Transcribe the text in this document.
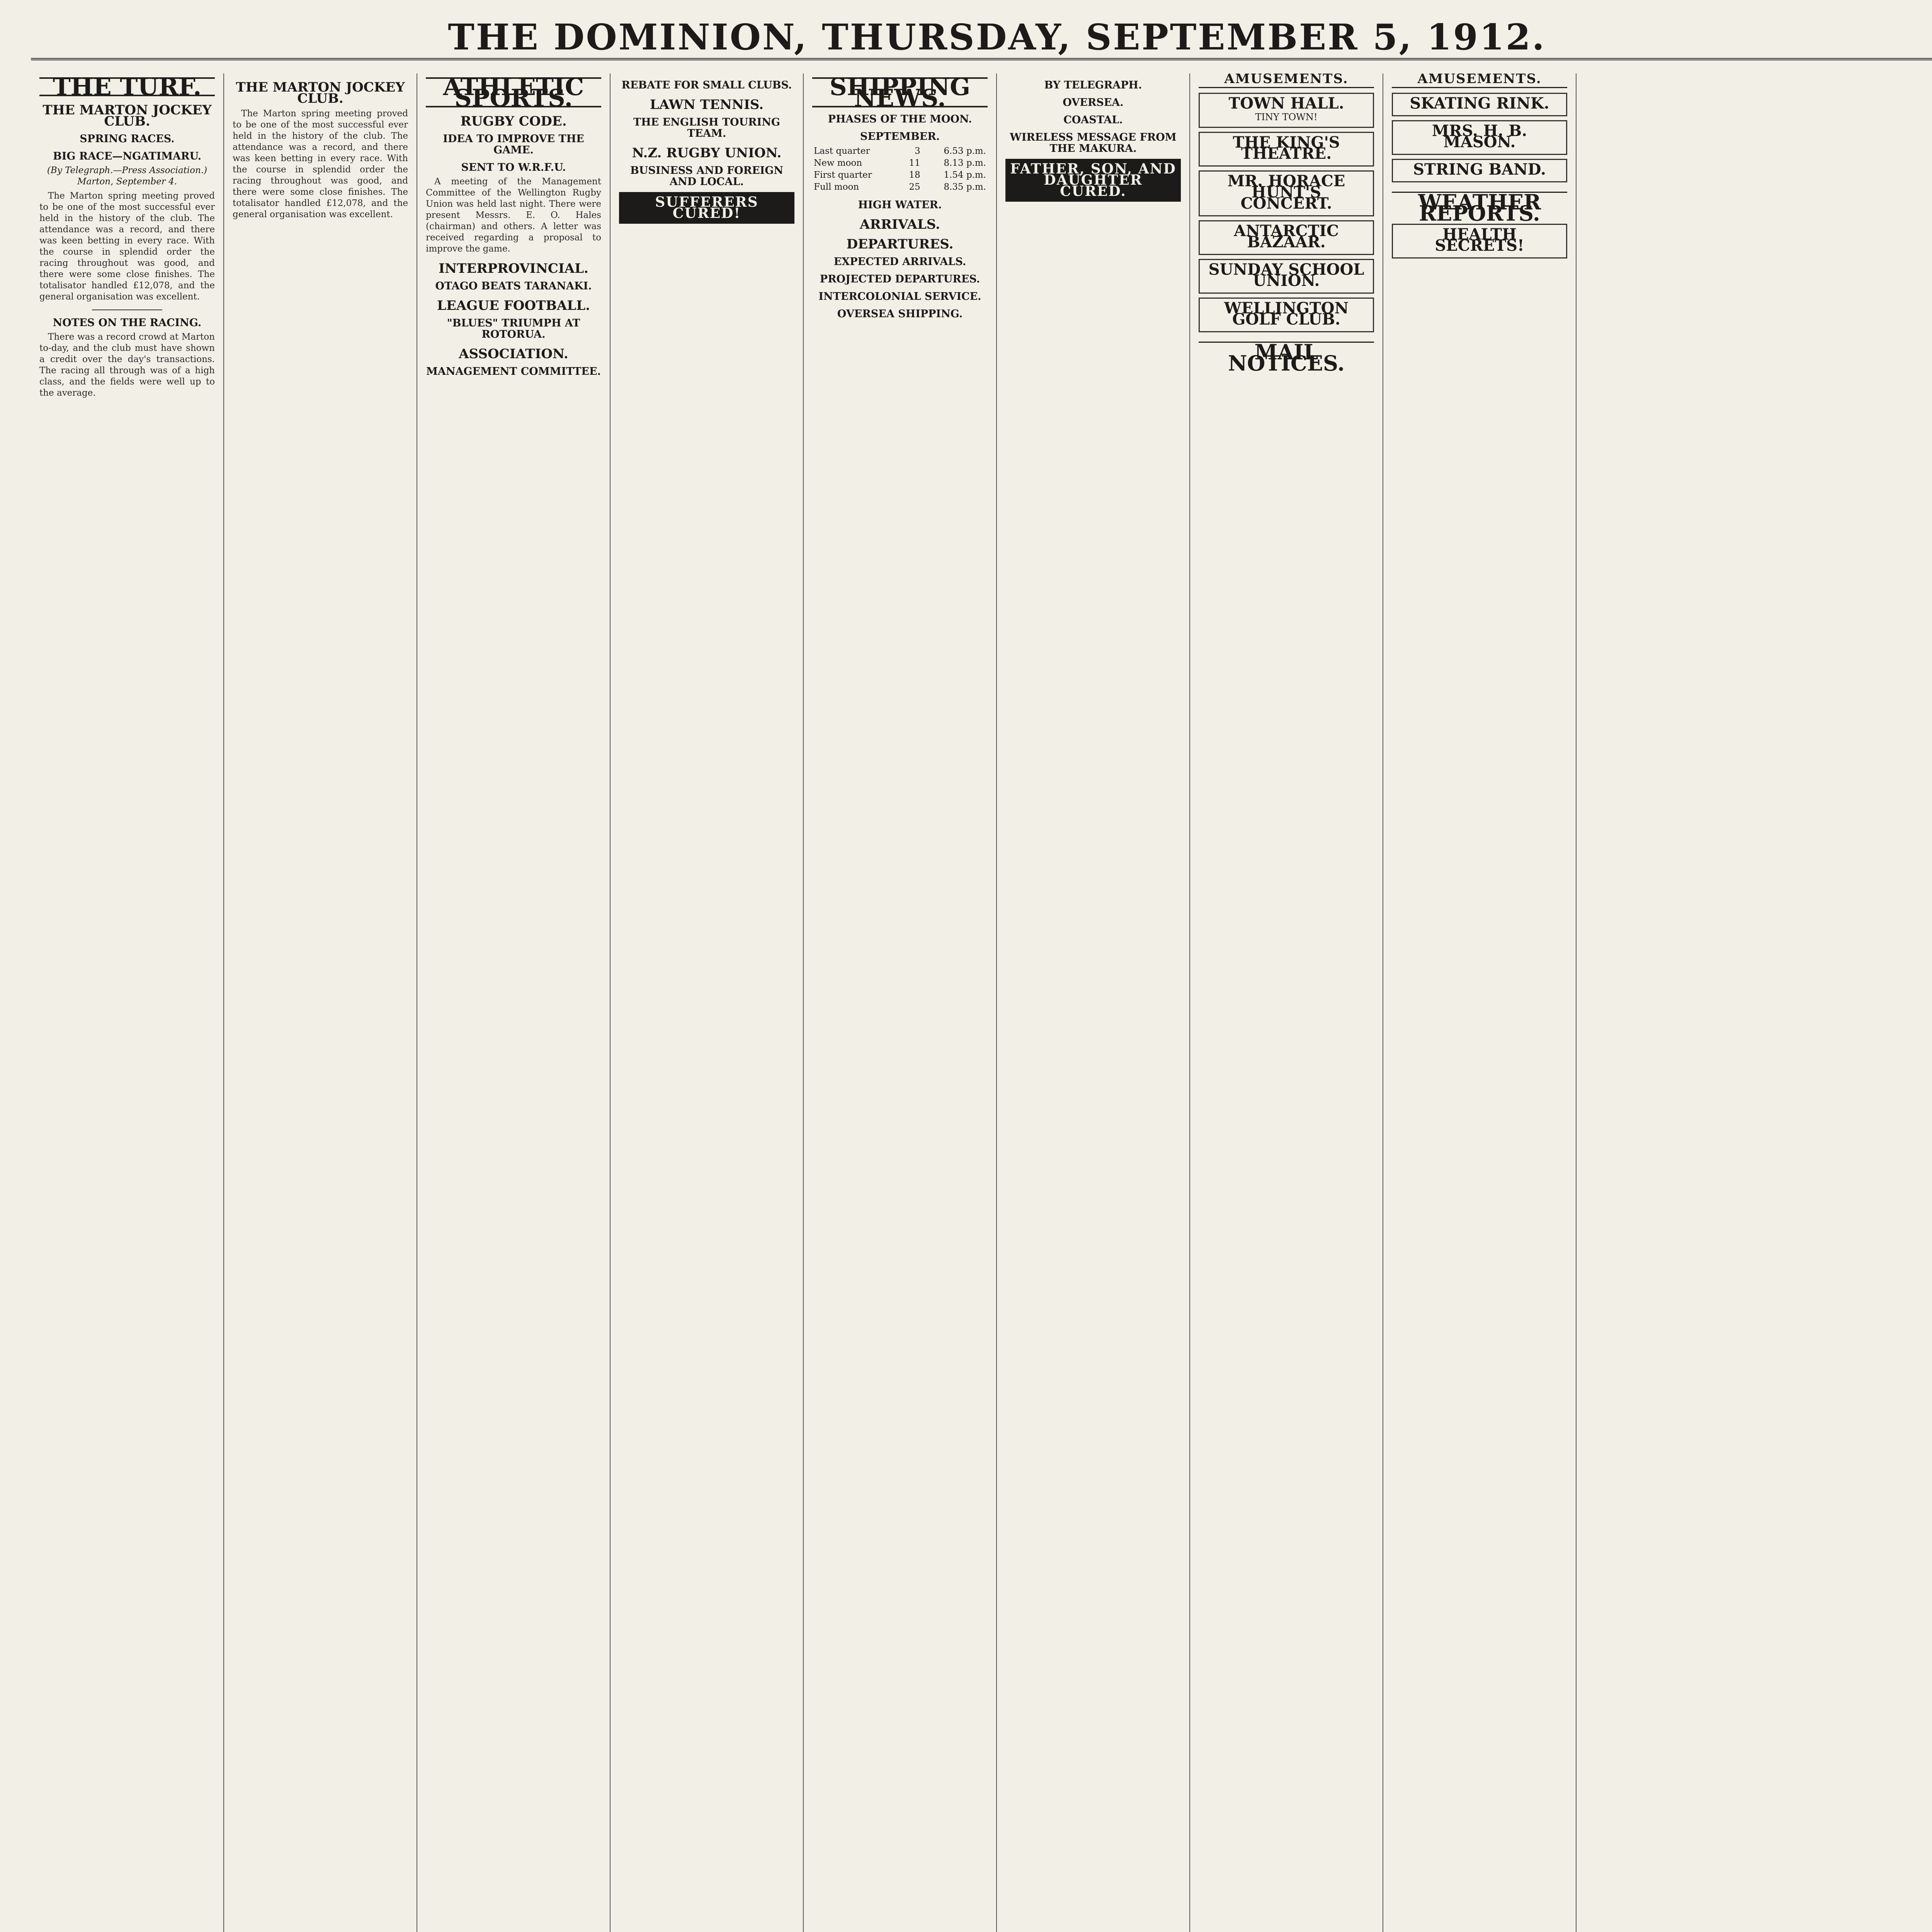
THE DOMINION, THURSDAY, SEPTEMBER 5, 1912.
THE TURF.
THE MARTON JOCKEY CLUB.
SPRING RACES.
BIG RACE—NGATIMARU.
(By Telegraph.—Press Association.) Marton, September 4.

The Marton spring meeting proved to be one of the most successful ever held in the history of the club. The attendance was a record, and there was keen betting in every race. With the course in splendid order the racing throughout was good, and there were some close finishes. The totalisator handled £12,078, and the general organisation was excellent.

NOTES ON THE RACING.

There was a record crowd at Marton to-day, and the club must have shown a credit over the day's transactions. The racing all through was of a high class, and the fields were well up to the average.

THE MARTON JOCKEY CLUB.

The Marton spring meeting proved to be one of the most successful ever held in the history of the club. The attendance was a record, and there was keen betting in every race. With the course in splendid order the racing throughout was good, and there were some close finishes. The totalisator handled £12,078, and the general organisation was excellent.

ATHLETIC SPORTS.
RUGBY CODE.
IDEA TO IMPROVE THE GAME.
SENT TO W.R.F.U.

A meeting of the Management Committee of the Wellington Rugby Union was held last night. There were present Messrs. E. O. Hales (chairman) and others. A letter was received regarding a proposal to improve the game.

INTERPROVINCIAL.
OTAGO BEATS TARANAKI.
LEAGUE FOOTBALL.
"BLUES" TRIUMPH AT ROTORUA.
ASSOCIATION.
MANAGEMENT COMMITTEE.
REBATE FOR SMALL CLUBS.
LAWN TENNIS.
THE ENGLISH TOURING TEAM.
N.Z. RUGBY UNION.
BUSINESS AND FOREIGN AND LOCAL.
SUFFERERS CURED!
SHIPPING NEWS.
PHASES OF THE MOON.
SEPTEMBER.
Last quarter	3	6.53 p.m.
New moon	11	8.13 p.m.
First quarter	18	1.54 p.m.
Full moon	25	8.35 p.m.
HIGH WATER.
ARRIVALS.
DEPARTURES.
EXPECTED ARRIVALS.
PROJECTED DEPARTURES.
INTERCOLONIAL SERVICE.
OVERSEA SHIPPING.
BY TELEGRAPH.
OVERSEA.
COASTAL.
WIRELESS MESSAGE FROM THE MAKURA.
FATHER, SON, AND DAUGHTER CURED.
AMUSEMENTS.
TOWN HALL.
TINY TOWN!
THE KING'S THEATRE.
MR. HORACE HUNT'S CONCERT.
ANTARCTIC BAZAAR.
SUNDAY SCHOOL UNION.
WELLINGTON GOLF CLUB.
MAIL NOTICES.
AMUSEMENTS.
SKATING RINK.
MRS. H. B. MASON.
STRING BAND.
WEATHER REPORTS.
HEALTH SECRETS!
